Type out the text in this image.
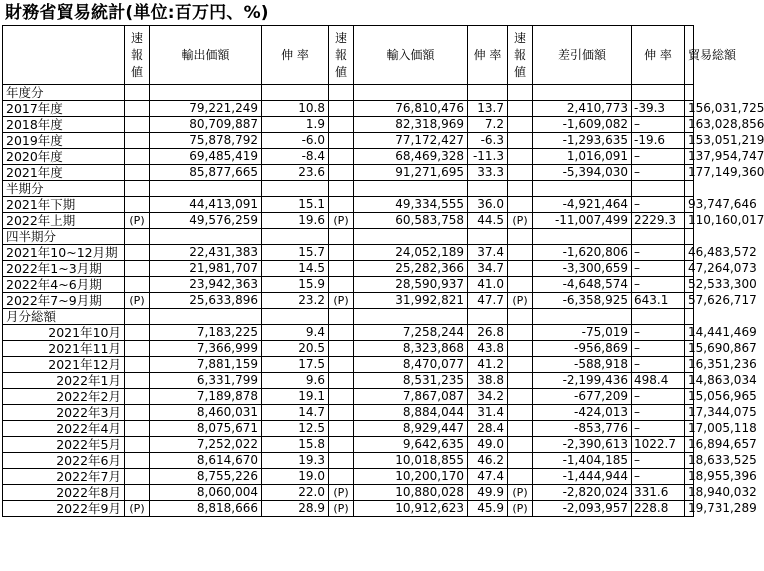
財務省貿易統計(単位:百万円、%)
	速報値	輸出価額	伸 率	速報値	輸入価額	伸 率	速報値	差引価額	伸 率	貿易総額
年度分										
2017年度		79,221,249	10.8		76,810,476	13.7		2,410,773	-39.3	156,031,725
2018年度		80,709,887	1.9		82,318,969	7.2		-1,609,082	–	163,028,856
2019年度		75,878,792	-6.0		77,172,427	-6.3		-1,293,635	-19.6	153,051,219
2020年度		69,485,419	-8.4		68,469,328	-11.3		1,016,091	–	137,954,747
2021年度		85,877,665	23.6		91,271,695	33.3		-5,394,030	–	177,149,360
半期分										
2021年下期		44,413,091	15.1		49,334,555	36.0		-4,921,464	–	93,747,646
2022年上期	(P)	49,576,259	19.6	(P)	60,583,758	44.5	(P)	-11,007,499	2229.3	110,160,017
四半期分										
2021年10~12月期		22,431,383	15.7		24,052,189	37.4		-1,620,806	–	46,483,572
2022年1~3月期		21,981,707	14.5		25,282,366	34.7		-3,300,659	–	47,264,073
2022年4~6月期		23,942,363	15.9		28,590,937	41.0		-4,648,574	–	52,533,300
2022年7~9月期	(P)	25,633,896	23.2	(P)	31,992,821	47.7	(P)	-6,358,925	643.1	57,626,717
月分総額										
2021年10月		7,183,225	9.4		7,258,244	26.8		-75,019	–	14,441,469
2021年11月		7,366,999	20.5		8,323,868	43.8		-956,869	–	15,690,867
2021年12月		7,881,159	17.5		8,470,077	41.2		-588,918	–	16,351,236
2022年1月		6,331,799	9.6		8,531,235	38.8		-2,199,436	498.4	14,863,034
2022年2月		7,189,878	19.1		7,867,087	34.2		-677,209	–	15,056,965
2022年3月		8,460,031	14.7		8,884,044	31.4		-424,013	–	17,344,075
2022年4月		8,075,671	12.5		8,929,447	28.4		-853,776	–	17,005,118
2022年5月		7,252,022	15.8		9,642,635	49.0		-2,390,613	1022.7	16,894,657
2022年6月		8,614,670	19.3		10,018,855	46.2		-1,404,185	–	18,633,525
2022年7月		8,755,226	19.0		10,200,170	47.4		-1,444,944	–	18,955,396
2022年8月		8,060,004	22.0	(P)	10,880,028	49.9	(P)	-2,820,024	331.6	18,940,032
2022年9月	(P)	8,818,666	28.9	(P)	10,912,623	45.9	(P)	-2,093,957	228.8	19,731,289
